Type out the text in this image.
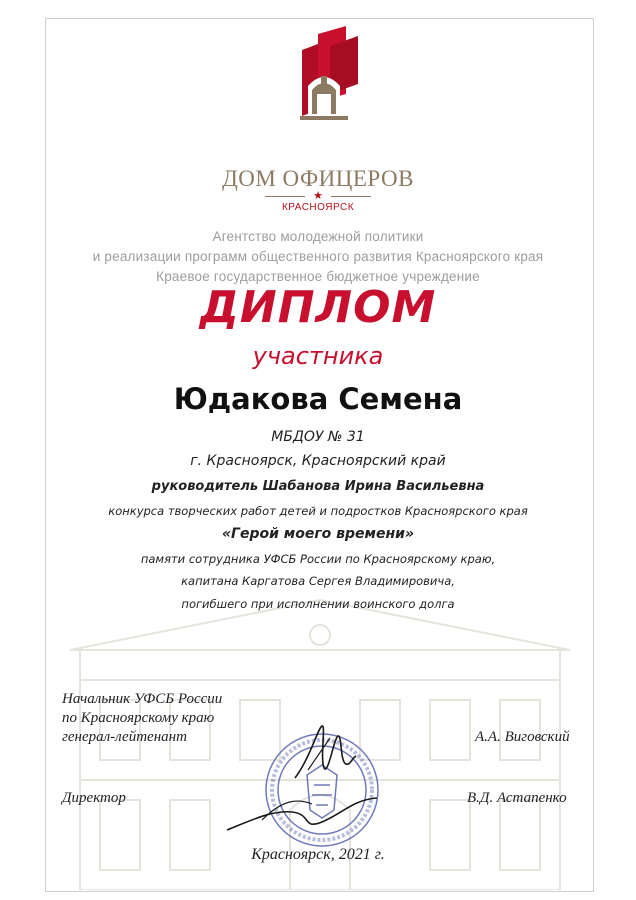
ДОМ ОФИЦЕРОВ
★
КРАСНОЯРСК
Агентство молодежной политики
и реализации программ общественного развития Красноярского края
Краевое государственное бюджетное учреждение
ДИПЛОМ
участника
Юдакова Семена
МБДОУ № 31
г. Красноярск, Красноярский край
руководитель Шабанова Ирина Васильевна
конкурса творческих работ детей и подростков Красноярского края
«Герой моего времени»
памяти сотрудника УФСБ России по Красноярскому краю,
капитана Каргатова Сергея Владимировича,
погибшего при исполнении воинского долга
Начальник УФСБ России
по Красноярскому краю
генерал-лейтенант	А.А. Виговский
Директор	В.Д. Астапенко
Красноярск, 2021 г.
